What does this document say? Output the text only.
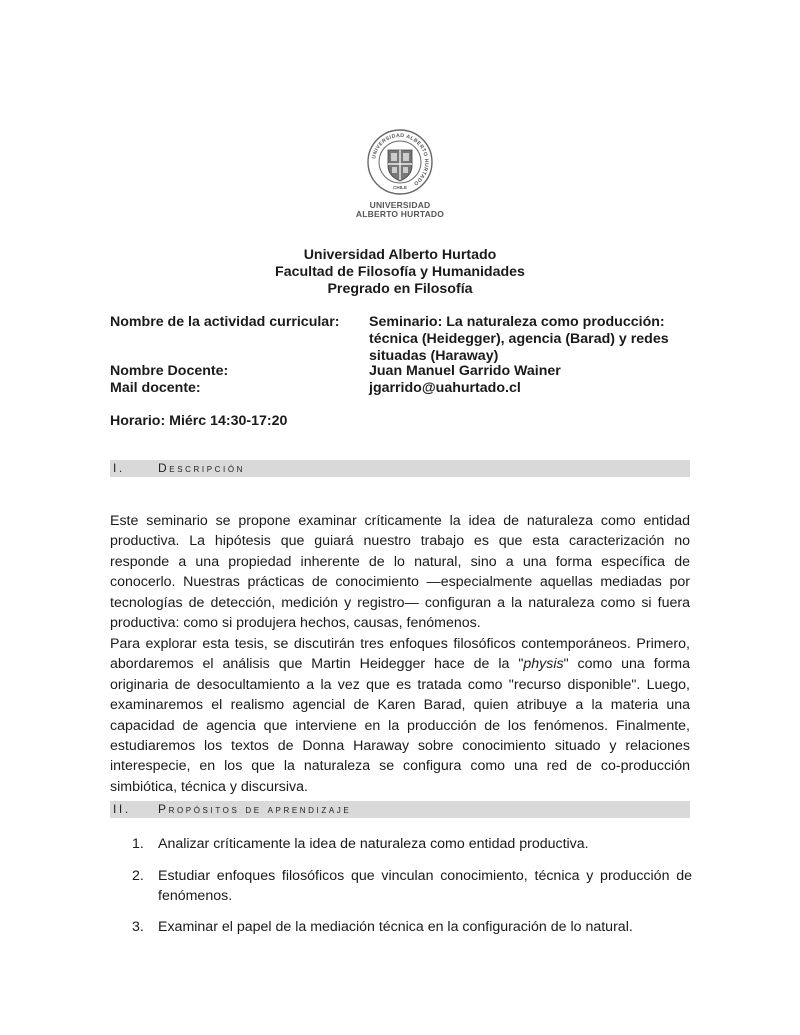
UNIVERSIDAD ALBERTO HURTADO
CHILE
UNIVERSIDAD
ALBERTO HURTADO
Universidad Alberto Hurtado
Facultad de Filosofía y Humanidades
Pregrado en Filosofía
Nombre de la actividad curricular:	Seminario: La naturaleza como producción:
técnica (Heidegger), agencia (Barad) y redes
situadas (Haraway)
Nombre Docente:	Juan Manuel Garrido Wainer
Mail docente:	jgarrido@uahurtado.cl
Horario: Miérc 14:30-17:20
I.	Descripción
Este seminario se propone examinar críticamente la idea de naturaleza como entidad
productiva. La hipótesis que guiará nuestro trabajo es que esta caracterización no
responde a una propiedad inherente de lo natural, sino a una forma específica de
conocerlo. Nuestras prácticas de conocimiento —especialmente aquellas mediadas por
tecnologías de detección, medición y registro— configuran a la naturaleza como si fuera
productiva: como si produjera hechos, causas, fenómenos.
Para explorar esta tesis, se discutirán tres enfoques filosóficos contemporáneos. Primero,
abordaremos el análisis que Martin Heidegger hace de la "physis" como una forma
originaria de desocultamiento a la vez que es tratada como "recurso disponible". Luego,
examinaremos el realismo agencial de Karen Barad, quien atribuye a la materia una
capacidad de agencia que interviene en la producción de los fenómenos. Finalmente,
estudiaremos los textos de Donna Haraway sobre conocimiento situado y relaciones
interespecie, en los que la naturaleza se configura como una red de co-producción
simbiótica, técnica y discursiva.
II. Propósitos de aprendizaje
1. Analizar críticamente la idea de naturaleza como entidad productiva.
2. Estudiar enfoques filosóficos que vinculan conocimiento, técnica y producción de
fenómenos.
3. Examinar el papel de la mediación técnica en la configuración de lo natural.
